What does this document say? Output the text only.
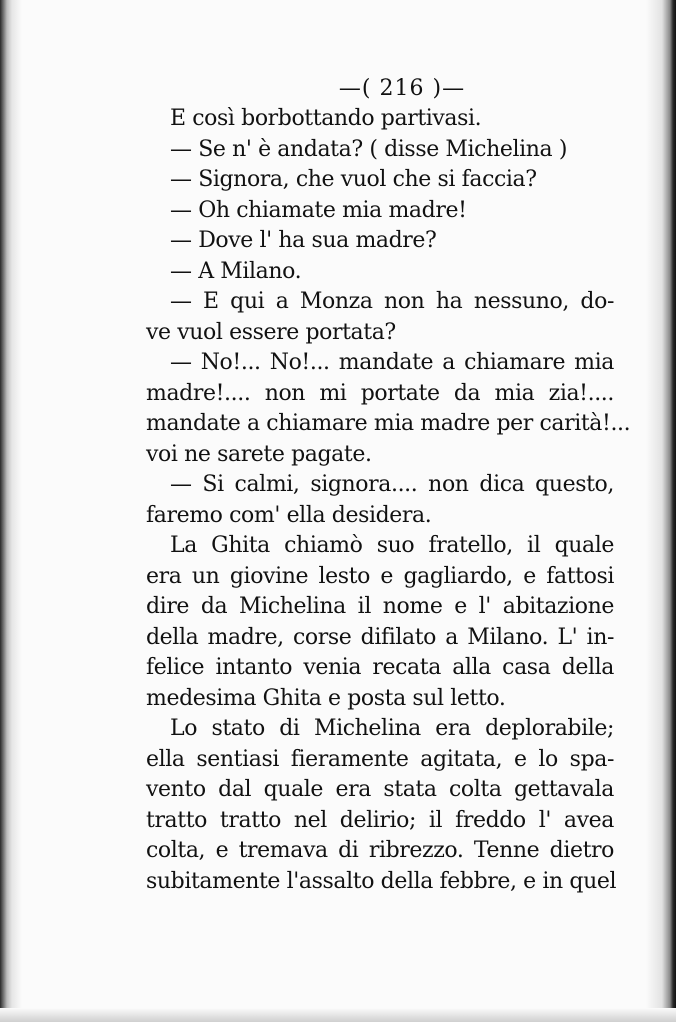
—( 216 )—
E così borbottando partivasi.
— Se n' è andata? ( disse Michelina )
— Signora, che vuol che si faccia?
— Oh chiamate mia madre!
— Dove l' ha sua madre?
— A Milano.
— E qui a Monza non ha nessuno, do-
ve vuol essere portata?
— No!... No!... mandate a chiamare mia
madre!.... non mi portate da mia zia!....
mandate a chiamare mia madre per carità!...
voi ne sarete pagate.
— Si calmi, signora.... non dica questo,
faremo com' ella desidera.
La Ghita chiamò suo fratello, il quale
era un giovine lesto e gagliardo, e fattosi
dire da Michelina il nome e l' abitazione
della madre, corse difilato a Milano. L' in-
felice intanto venia recata alla casa della
medesima Ghita e posta sul letto.
Lo stato di Michelina era deplorabile;
ella sentiasi fieramente agitata, e lo spa-
vento dal quale era stata colta gettavala
tratto tratto nel delirio; il freddo l' avea
colta, e tremava di ribrezzo. Tenne dietro
subitamente l'assalto della febbre, e in quel
